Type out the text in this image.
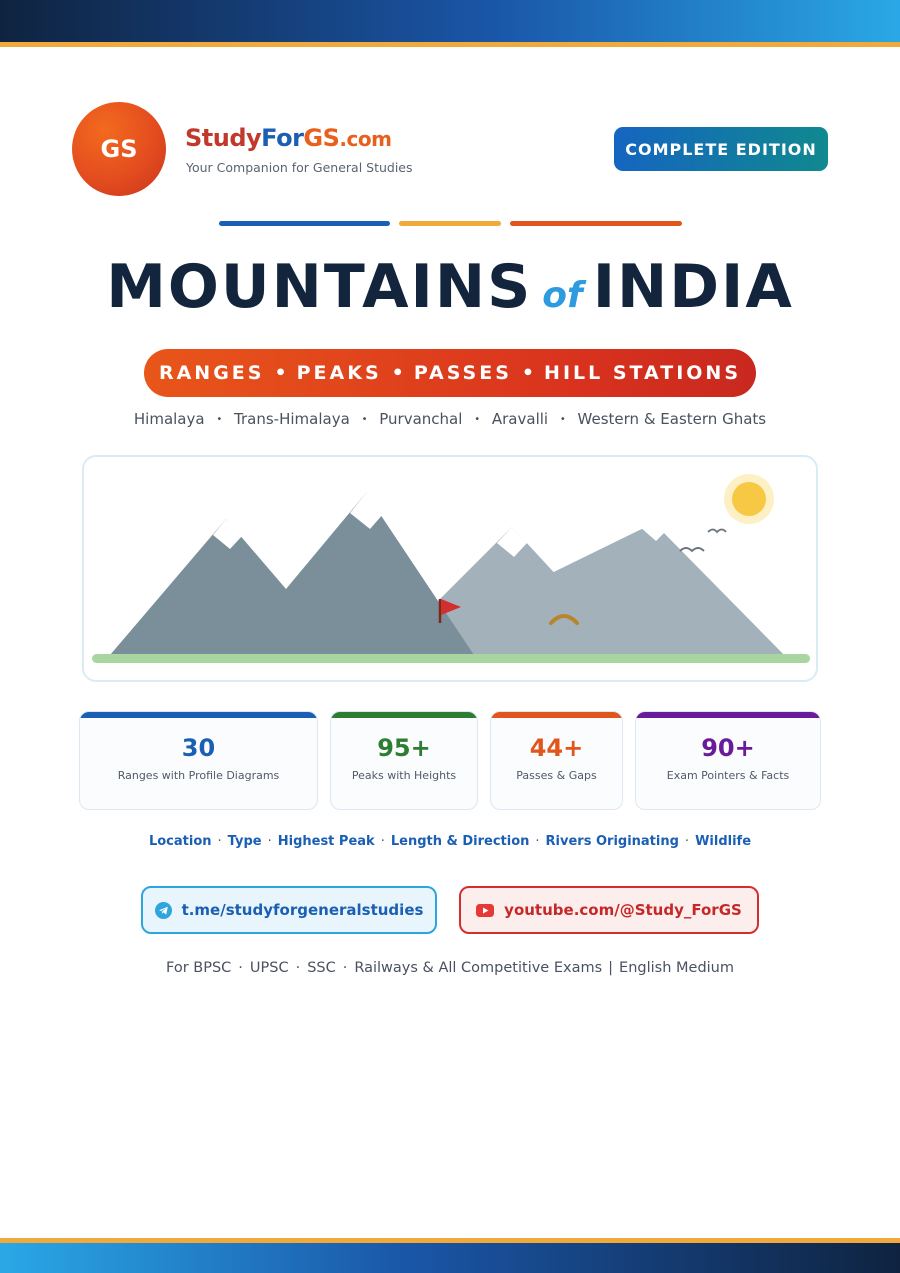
GS StudyForGS.com
Your Companion for General Studies
COMPLETE EDITION
MOUNTAINS of INDIA
RANGES • PEAKS • PASSES • HILL STATIONS
Himalaya • Trans-Himalaya • Purvanchal • Aravalli • Western & Eastern Ghats
30
Ranges with Profile Diagrams
95+
Peaks with Heights
44+
Passes & Gaps
90+
Exam Pointers & Facts
Location · Type · Highest Peak · Length & Direction · Rivers Originating · Wildlife
t.me/studyforgeneralstudies	youtube.com/@Study_ForGS
For BPSC · UPSC · SSC · Railways & All Competitive Exams | English Medium
